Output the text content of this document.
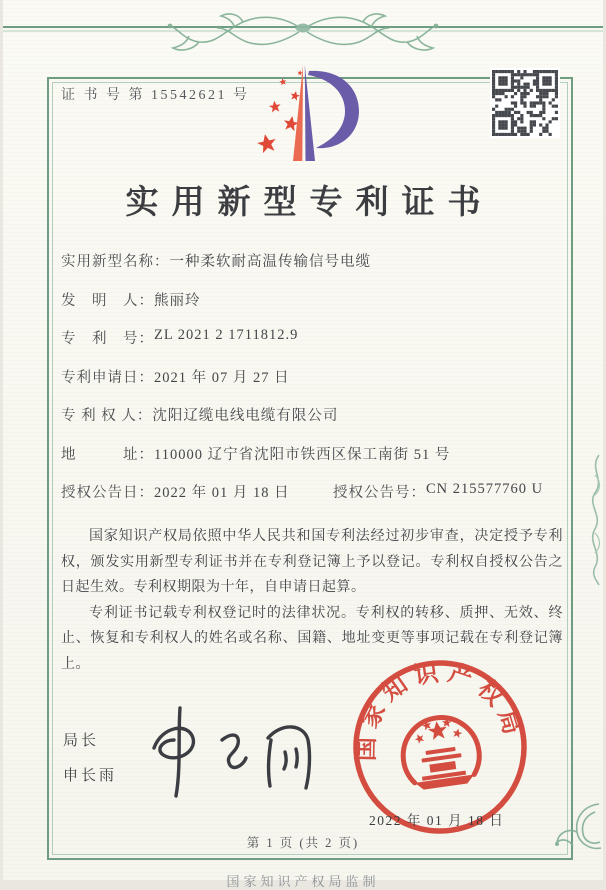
证 书 号 第 15542621 号
实用新型专利证书
实用新型名称： 一种柔软耐高温传输信号电缆
发　明　人： 熊丽玲
专　利　号： ZL 2021 2 1711812.9
专利申请日： 2021 年 07 月 27 日
专 利 权 人： 沈阳辽缆电线电缆有限公司
地　　　址： 110000 辽宁省沈阳市铁西区保工南街 51 号
授权公告日： 2022 年 01 月 18 日	授权公告号： CN 215577760 U

国家知识产权局依照中华人民共和国专利法经过初步审查，决定授予专利权，颁发实用新型专利证书并在专利登记簿上予以登记。专利权自授权公告之日起生效。专利权期限为十年，自申请日起算。

专利证书记载专利权登记时的法律状况。专利权的转移、质押、无效、终止、恢复和专利权人的姓名或名称、国籍、地址变更等事项记载在专利登记簿上。

局长
申长雨
国家知识产权局
2022 年 01 月 18 日
第 1 页 (共 2 页)
国家知识产权局监制
